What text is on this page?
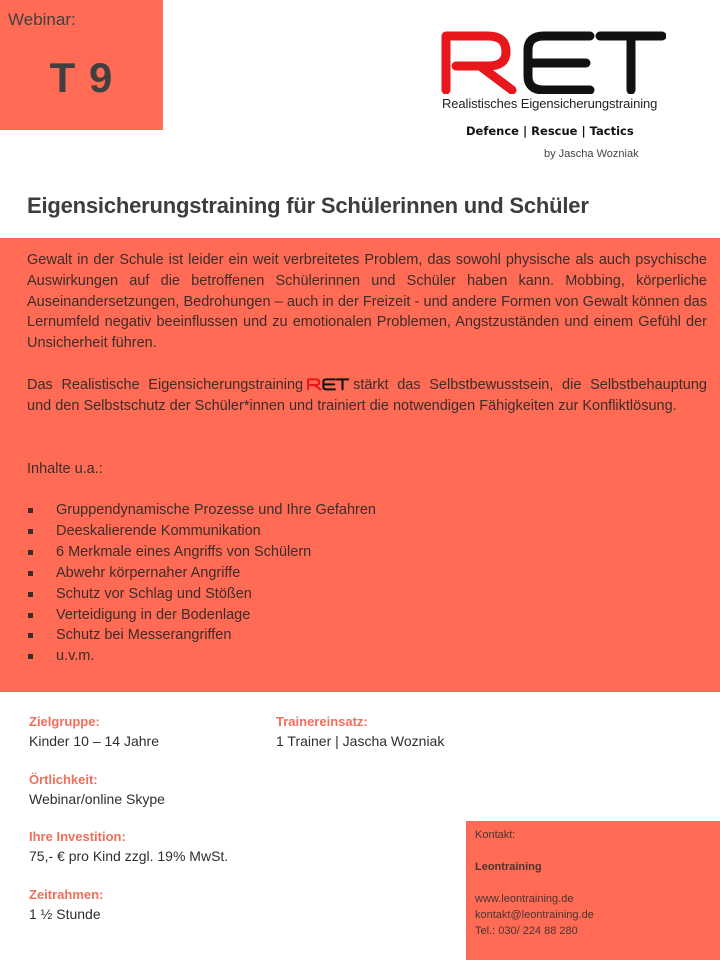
Webinar:
T 9
Realistisches Eigensicherungstraining
Defence | Rescue | Tactics
by Jascha Wozniak
Eigensicherungstraining für Schülerinnen und Schüler

Gewalt in der Schule ist leider ein weit verbreitetes Problem, das sowohl physische als auch psychische Auswirkungen auf die betroffenen Schülerinnen und Schüler haben kann. Mobbing, körperliche Auseinandersetzungen, Bedrohungen – auch in der Freizeit - und andere Formen von Gewalt können das Lernumfeld negativ beeinflussen und zu emotionalen Problemen, Angstzuständen und einem Gefühl der Unsicherheit führen.

Das Realistische Eigensicherungstraining	stärkt das Selbstbewusstsein, die Selbstbehauptung und den Selbstschutz der Schüler*innen und trainiert die notwendigen Fähigkeiten zur Konfliktlösung.

Inhalte u.a.:

Gruppendynamische Prozesse und Ihre Gefahren
Deeskalierende Kommunikation
6 Merkmale eines Angriffs von Schülern
Abwehr körpernaher Angriffe
Schutz vor Schlag und Stößen
Verteidigung in der Bodenlage
Schutz bei Messerangriffen
u.v.m.
Zielgruppe:
Kinder 10 – 14 Jahre
Trainereinsatz:
1 Trainer | Jascha Wozniak
Örtlichkeit:
Webinar/online Skype
Ihre Investition:
75,- € pro Kind zzgl. 19% MwSt.
Zeitrahmen:
1 ½ Stunde
Kontakt:
Leontraining
www.leontraining.de
kontakt@leontraining.de
Tel.: 030/ 224 88 280
